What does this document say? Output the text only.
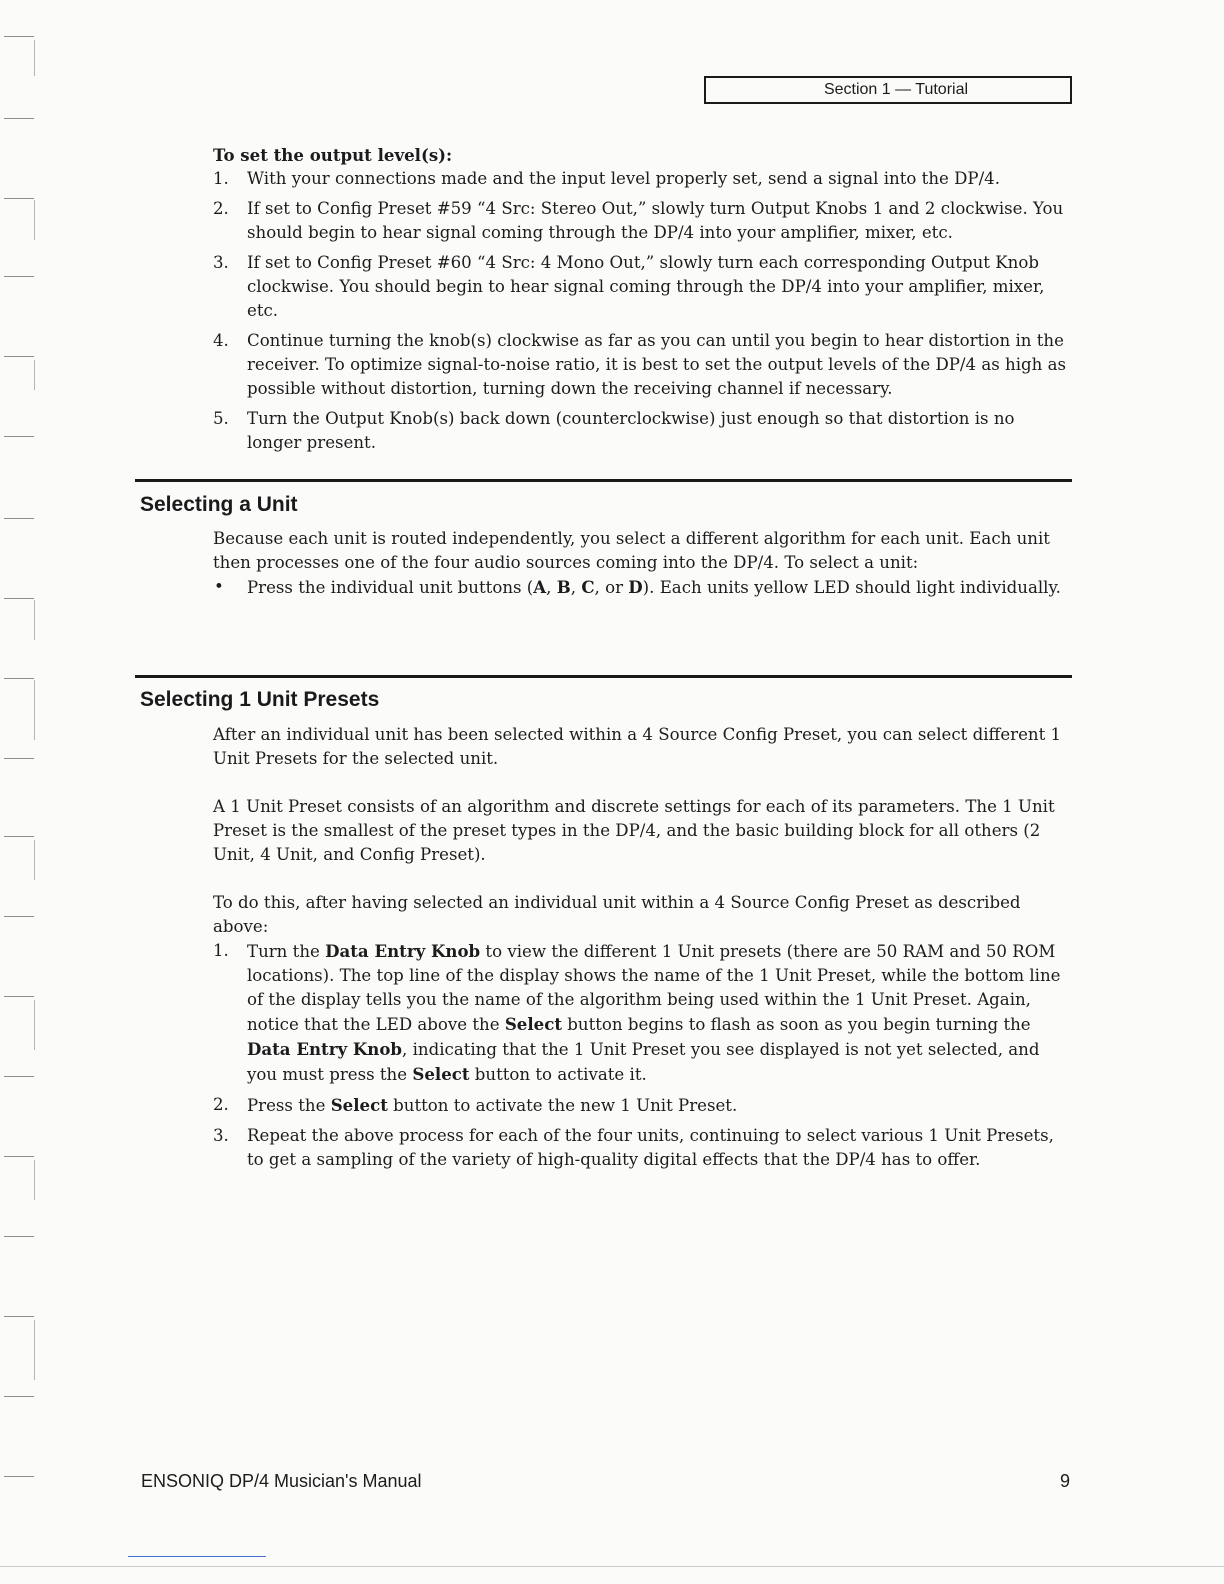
Section 1 — Tutorial
To set the output level(s):
1. With your connections made and the input level properly set, send a signal into the DP/4.
2. If set to Config Preset #59 “4 Src: Stereo Out,” slowly turn Output Knobs 1 and 2 clockwise. You should begin to hear signal coming through the DP/4 into your amplifier, mixer, etc.
3. If set to Config Preset #60 “4 Src: 4 Mono Out,” slowly turn each corresponding Output Knob clockwise. You should begin to hear signal coming through the DP/4 into your amplifier, mixer, etc.
4. Continue turning the knob(s) clockwise as far as you can until you begin to hear distortion in the receiver. To optimize signal-to-noise ratio, it is best to set the output levels of the DP/4 as high as possible without distortion, turning down the receiving channel if necessary.
5. Turn the Output Knob(s) back down (counterclockwise) just enough so that distortion is no longer present.
Selecting a Unit
Because each unit is routed independently, you select a different algorithm for each unit. Each unit then processes one of the four audio sources coming into the DP/4. To select a unit:
• Press the individual unit buttons (A, B, C, or D). Each units yellow LED should light individually.
Selecting 1 Unit Presets

After an individual unit has been selected within a 4 Source Config Preset, you can select different 1 Unit Presets for the selected unit.

A 1 Unit Preset consists of an algorithm and discrete settings for each of its parameters. The 1 Unit Preset is the smallest of the preset types in the DP/4, and the basic building block for all others (2 Unit, 4 Unit, and Config Preset).

To do this, after having selected an individual unit within a 4 Source Config Preset as described above:

1. Turn the Data Entry Knob to view the different 1 Unit presets (there are 50 RAM and 50 ROM locations). The top line of the display shows the name of the 1 Unit Preset, while the bottom line of the display tells you the name of the algorithm being used within the 1 Unit Preset. Again, notice that the LED above the Select button begins to flash as soon as you begin turning the Data Entry Knob, indicating that the 1 Unit Preset you see displayed is not yet selected, and you must press the Select button to activate it.
2. Press the Select button to activate the new 1 Unit Preset.
3. Repeat the above process for each of the four units, continuing to select various 1 Unit Presets, to get a sampling of the variety of high-quality digital effects that the DP/4 has to offer.
ENSONIQ DP/4 Musician's Manual	9
